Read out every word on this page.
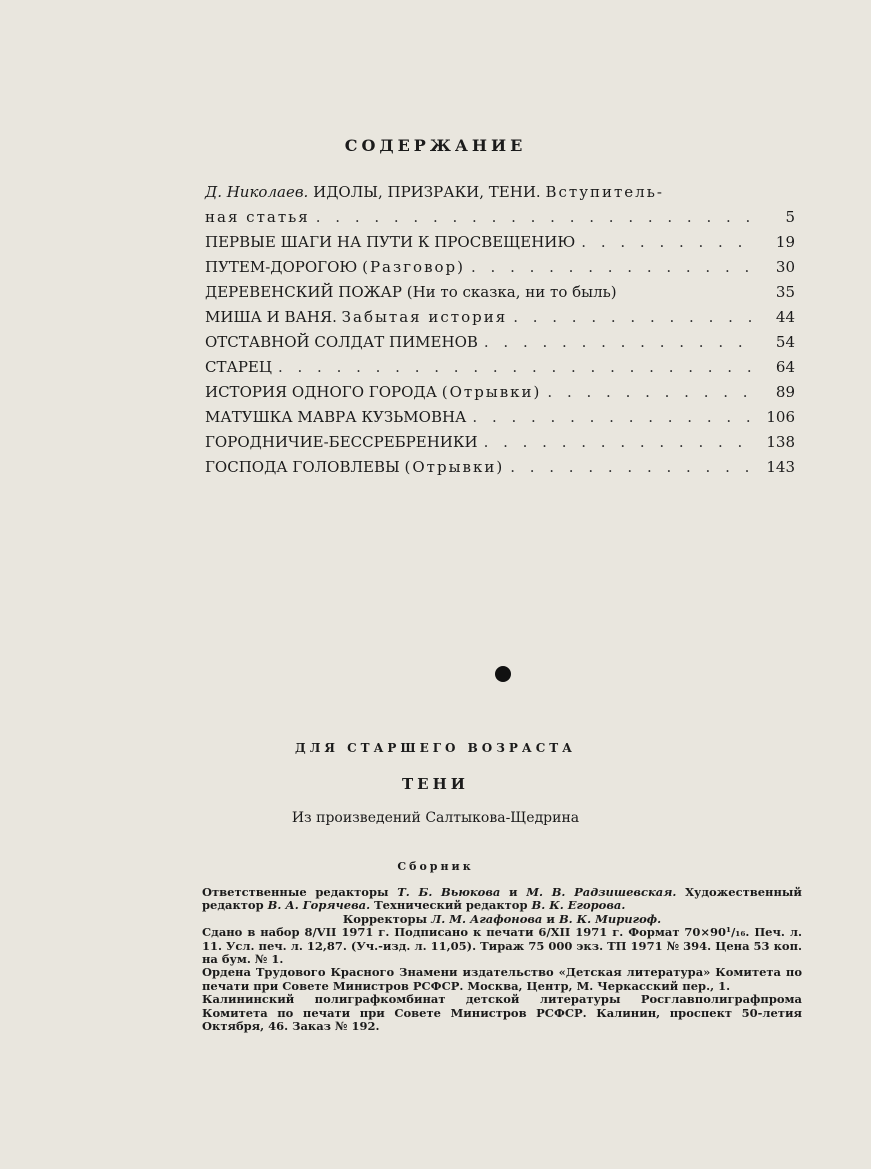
СОДЕРЖАНИЕ
Д. Николаев. ИДОЛЫ, ПРИЗРАКИ, ТЕНИ. Вступитель-
ная статья . . .	5
ПЕРВЫЕ ШАГИ НА ПУТИ К ПРОСВЕЩЕНИЮ . . .	19
ПУТЕМ-ДОРОГОЮ (Разговор) . . .	30
ДЕРЕВЕНСКИЙ ПОЖАР (Ни то сказка, ни то быль)	35
МИША И ВАНЯ. Забытая история . . .	44
ОТСТАВНОЙ СОЛДАТ ПИМЕНОВ . . .	54
СТАРЕЦ . . .	64
ИСТОРИЯ ОДНОГО ГОРОДА (Отрывки) . . .	89
МАТУШКА МАВРА КУЗЬМОВНА . . .	106
ГОРОДНИЧИЕ-БЕССРЕБРЕНИКИ . . .	138
ГОСПОДА ГОЛОВЛЕВЫ (Отрывки) . . .	143
ДЛЯ СТАРШЕГО ВОЗРАСТА
ТЕНИ
Из произведений Салтыкова-Щедрина
Сборник

Ответственные редакторы Т. Б. Вьюкова и М. В. Радзишевская. Художественный редактор В. А. Горячева. Технический редактор В. К. Егорова.

Корректоры Л. М. Агафонова и В. К. Миригоф.

Сдано в набор 8/VII 1971 г. Подписано к печати 6/XII 1971 г. Формат 70×90¹/₁₆. Печ. л. 11. Усл. печ. л. 12,87. (Уч.-изд. л. 11,05). Тираж 75 000 экз. ТП 1971 № 394. Цена 53 коп. на бум. № 1.

Ордена Трудового Красного Знамени издательство «Детская литература» Комитета по печати при Совете Министров РСФСР. Москва, Центр, М. Черкасский пер., 1.

Калининский полиграфкомбинат детской литературы Росглавполиграфпрома Комитета по печати при Совете Министров РСФСР. Калинин, проспект 50-летия Октября, 46. Заказ № 192.
